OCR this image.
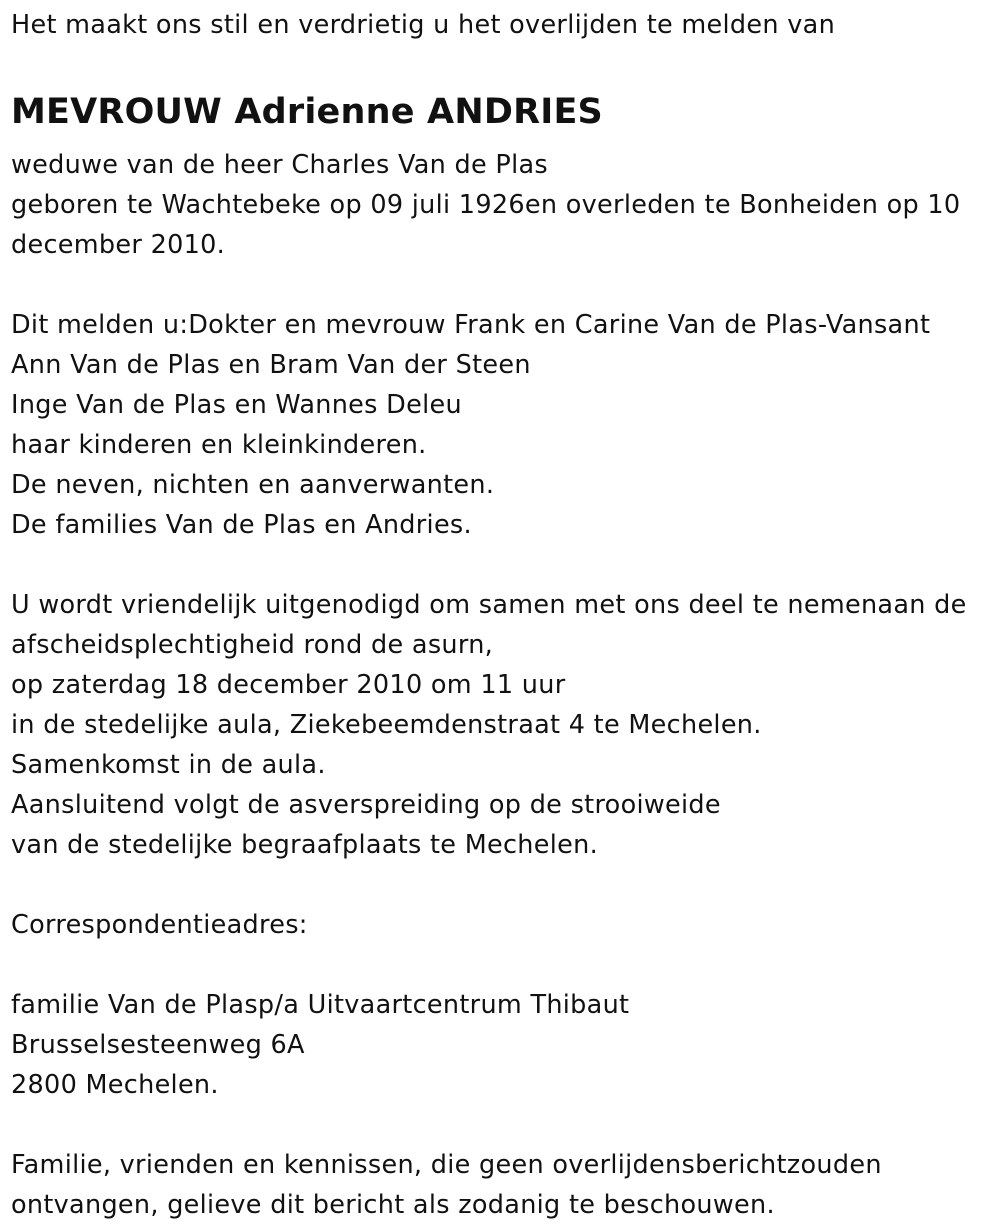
Het maakt ons stil en verdrietig u het overlijden te melden van
MEVROUW Adrienne ANDRIES
weduwe van de heer Charles Van de Plas
geboren te Wachtebeke op 09 juli 1926en overleden te Bonheiden op 10
december 2010.
Dit melden u:Dokter en mevrouw Frank en Carine Van de Plas-Vansant
Ann Van de Plas en Bram Van der Steen
Inge Van de Plas en Wannes Deleu
haar kinderen en kleinkinderen.
De neven, nichten en aanverwanten.
De families Van de Plas en Andries.
U wordt vriendelijk uitgenodigd om samen met ons deel te nemenaan de
afscheidsplechtigheid rond de asurn,
op zaterdag 18 december 2010 om 11 uur
in de stedelijke aula, Ziekebeemdenstraat 4 te Mechelen.
Samenkomst in de aula.
Aansluitend volgt de asverspreiding op de strooiweide
van de stedelijke begraafplaats te Mechelen.
Correspondentieadres:
familie Van de Plasp/a Uitvaartcentrum Thibaut
Brusselsesteenweg 6A
2800 Mechelen.
Familie, vrienden en kennissen, die geen overlijdensberichtzouden
ontvangen, gelieve dit bericht als zodanig te beschouwen.
